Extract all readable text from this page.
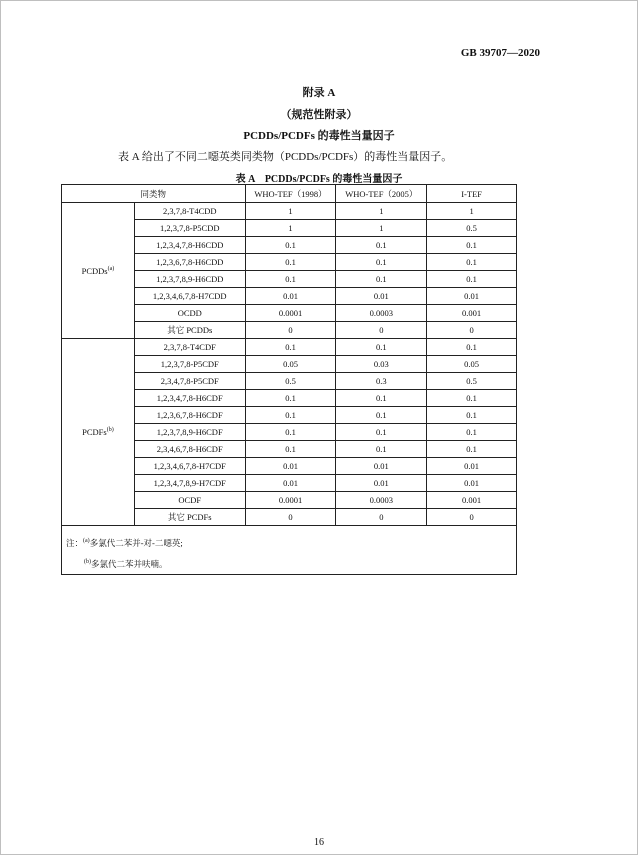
GB 39707—2020
附录 A
（规范性附录）
PCDDs/PCDFs 的毒性当量因子
表 A 给出了不同二噁英类同类物（PCDDs/PCDFs）的毒性当量因子。
表 A　PCDDs/PCDFs 的毒性当量因子
同类物		WHO-TEF（1998）	WHO-TEF（2005）	I-TEF
PCDDs$^{(a)}$	2,3,7,8-T4CDD	1	1	1
	1,2,3,7,8-P5CDD	1	1	0.5
	1,2,3,4,7,8-H6CDD	0.1	0.1	0.1
	1,2,3,6,7,8-H6CDD	0.1	0.1	0.1
	1,2,3,7,8,9-H6CDD	0.1	0.1	0.1
	1,2,3,4,6,7,8-H7CDD	0.01	0.01	0.01
	OCDD	0.0001	0.0003	0.001
	其它 PCDDs	0	0	0
PCDFs$^{(b)}$	2,3,7,8-T4CDF	0.1	0.1	0.1
	1,2,3,7,8-P5CDF	0.05	0.03	0.05
	2,3,4,7,8-P5CDF	0.5	0.3	0.5
	1,2,3,4,7,8-H6CDF	0.1	0.1	0.1
	1,2,3,6,7,8-H6CDF	0.1	0.1	0.1
	1,2,3,7,8,9-H6CDF	0.1	0.1	0.1
	2,3,4,6,7,8-H6CDF	0.1	0.1	0.1
	1,2,3,4,6,7,8-H7CDF	0.01	0.01	0.01
	1,2,3,4,7,8,9-H7CDF	0.01	0.01	0.01
	OCDF	0.0001	0.0003	0.001
	其它 PCDFs	0	0	0

注：$^{(a)}$多氯代二苯并-对-二噁英;
$^{(b)}$多氯代二苯并呋喃。				
16
